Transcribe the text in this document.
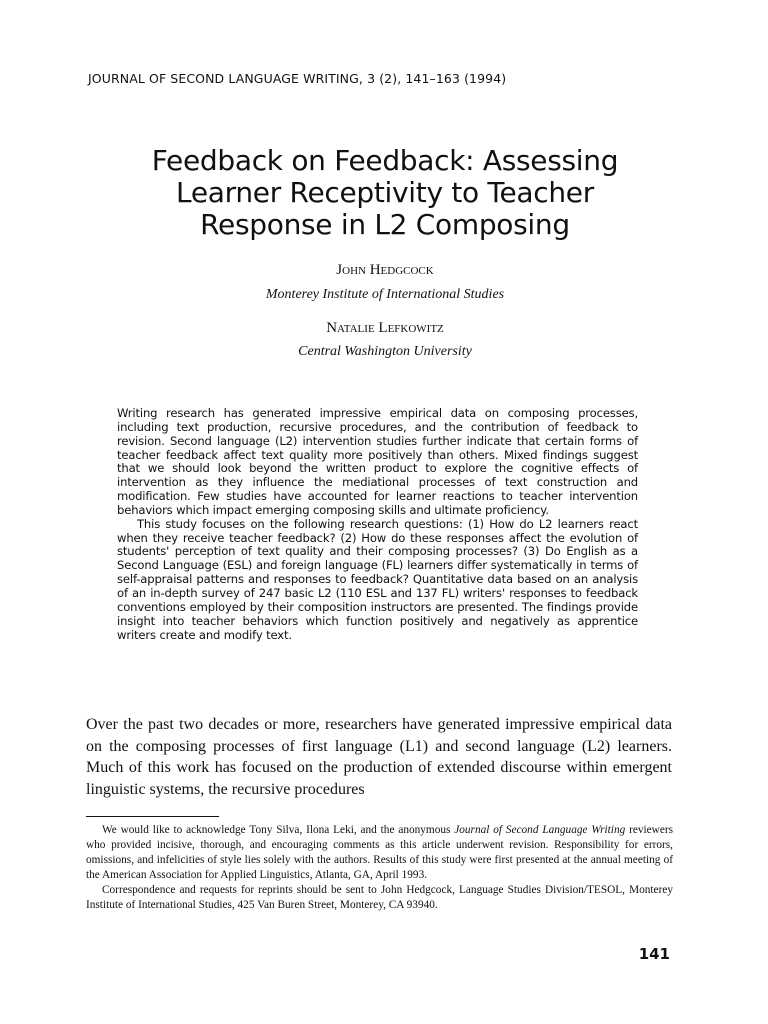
JOURNAL OF SECOND LANGUAGE WRITING, 3 (2), 141–163 (1994)
Feedback on Feedback: Assessing
Learner Receptivity to Teacher
Response in L2 Composing
John Hedgcock
Monterey Institute of International Studies
Natalie Lefkowitz
Central Washington University

Writing research has generated impressive empirical data on composing processes, including text production, recursive procedures, and the contribution of feedback to revision. Second language (L2) intervention studies further indicate that certain forms of teacher feedback affect text quality more positively than others. Mixed findings suggest that we should look beyond the written product to explore the cognitive effects of intervention as they influence the mediational processes of text construction and modification. Few studies have accounted for learner reactions to teacher intervention behaviors which impact emerging composing skills and ultimate proficiency.

This study focuses on the following research questions: (1) How do L2 learners react when they receive teacher feedback? (2) How do these responses affect the evolution of students' perception of text quality and their composing processes? (3) Do English as a Second Language (ESL) and foreign language (FL) learners differ systematically in terms of self-appraisal patterns and responses to feedback? Quantitative data based on an analysis of an in-depth survey of 247 basic L2 (110 ESL and 137 FL) writers' responses to feedback conventions employed by their composition instructors are presented. The findings provide insight into teacher behaviors which function positively and negatively as apprentice writers create and modify text.

Over the past two decades or more, researchers have generated impressive empirical data on the composing processes of first language (L1) and second language (L2) learners. Much of this work has focused on the production of extended discourse within emergent linguistic systems, the recursive procedures

We would like to acknowledge Tony Silva, Ilona Leki, and the anonymous Journal of Second Language Writing reviewers who provided incisive, thorough, and encouraging comments as this article underwent revision. Responsibility for errors, omissions, and infelicities of style lies solely with the authors. Results of this study were first presented at the annual meeting of the American Association for Applied Linguistics, Atlanta, GA, April 1993.

Correspondence and requests for reprints should be sent to John Hedgcock, Language Studies Division/TESOL, Monterey Institute of International Studies, 425 Van Buren Street, Monterey, CA 93940.

141
